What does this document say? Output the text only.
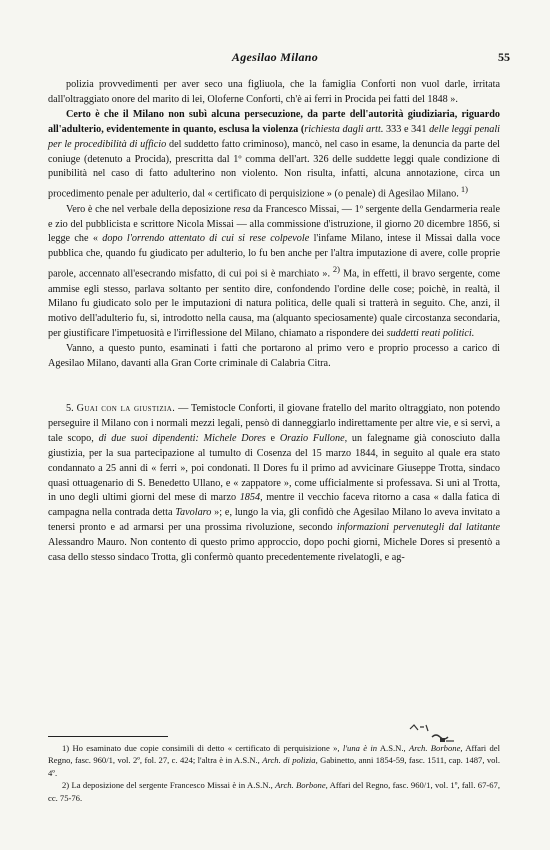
Agesilao Milano	55

polizia provvedimenti per aver seco una figliuola, che la famiglia Conforti non vuol darle, irritata dall'oltraggiato onore del marito di lei, Oloferne Conforti, ch'è ai ferri in Procida pei fatti del 1848 ».

Certo è che il Milano non subì alcuna persecuzione, da parte dell'autorità giudiziaria, riguardo all'adulterio, evidentemente in quanto, esclusa la violenza (richiesta dagli artt. 333 e 341 delle leggi penali per le procedibilità di ufficio del suddetto fatto criminoso), mancò, nel caso in esame, la denuncia da parte del coniuge (detenuto a Procida), prescritta dal 1º comma dell'art. 326 delle suddette leggi quale condizione di punibilità nel caso di fatto adulterino non violento. Non risulta, infatti, alcuna annotazione, circa un procedimento penale per adulterio, dal « certificato di perquisizione » (o penale) di Agesilao Milano. $^{1)}$

Vero è che nel verbale della deposizione resa da Francesco Missai, — 1º sergente della Gendarmeria reale e zio del pubblicista e scrittore Nicola Missai — alla commissione d'istruzione, il giorno 20 dicembre 1856, si legge che « dopo l'orrendo attentato di cui si rese colpevole l'infame Milano, intese il Missai dalla voce pubblica che, quando fu giudicato per adulterio, lo fu ben anche per l'altra imputazione di avere, colle proprie parole, accennato all'esecrando misfatto, di cui poi si è marchiato ». $^{2)}$ Ma, in effetti, il bravo sergente, come ammise egli stesso, parlava soltanto per sentito dire, confondendo l'ordine delle cose; poichè, in realtà, il Milano fu giudicato solo per le imputazioni di natura politica, delle quali si tratterà in seguito. Che, anzi, il motivo dell'adulterio fu, si, introdotto nella causa, ma (alquanto speciosamente) quale circostanza secondaria, per giustificare l'impetuosità e l'irriflessione del Milano, chiamato a rispondere dei suddetti reati politici.

Vanno, a questo punto, esaminati i fatti che portarono al primo vero e proprio processo a carico di Agesilao Milano, davanti alla Gran Corte criminale di Calabria Citra.

5. Guai con la giustizia. — Temistocle Conforti, il giovane fratello del marito oltraggiato, non potendo perseguire il Milano con i normali mezzi legali, pensò di danneggiarlo indirettamente per altre vie, e si servì, a tale scopo, di due suoi dipendenti: Michele Dores e Orazio Fullone, un falegname già conosciuto dalla giustizia, per la sua partecipazione al tumulto di Cosenza del 15 marzo 1844, in seguito al quale era stato condannato a 25 anni di « ferri », poi condonati. Il Dores fu il primo ad avvicinare Giuseppe Trotta, sindaco quasi ottuagenario di S. Benedetto Ullano, e « zappatore », come ufficialmente si professava. Si unì al Trotta, in uno degli ultimi giorni del mese di marzo 1854, mentre il vecchio faceva ritorno a casa « dalla fatica di campagna nella contrada detta Tavolaro »; e, lungo la via, gli confidò che Agesilao Milano lo aveva invitato a tenersi pronto e ad armarsi per una prossima rivoluzione, secondo informazioni pervenutegli dal latitante Alessandro Mauro. Non contento di questo primo approccio, dopo pochi giorni, Michele Dores si presentò a casa dello stesso sindaco Trotta, gli confermò quanto precedentemente rivelatogli, e ag-

1) Ho esaminato due copie consimili di detto « certificato di perquisizione », l'una è in A.S.N., Arch. Borbone, Affari del Regno, fasc. 960/1, vol. 2º, fol. 27, c. 424; l'altra è in A.S.N., Arch. di polizia, Gabinetto, anni 1854-59, fasc. 1511, cap. 1487, vol. 4º.

2) La deposizione del sergente Francesco Missai è in A.S.N., Arch. Borbone, Affari del Regno, fasc. 960/1, vol. 1º, fall. 67-67, cc. 75-76.
